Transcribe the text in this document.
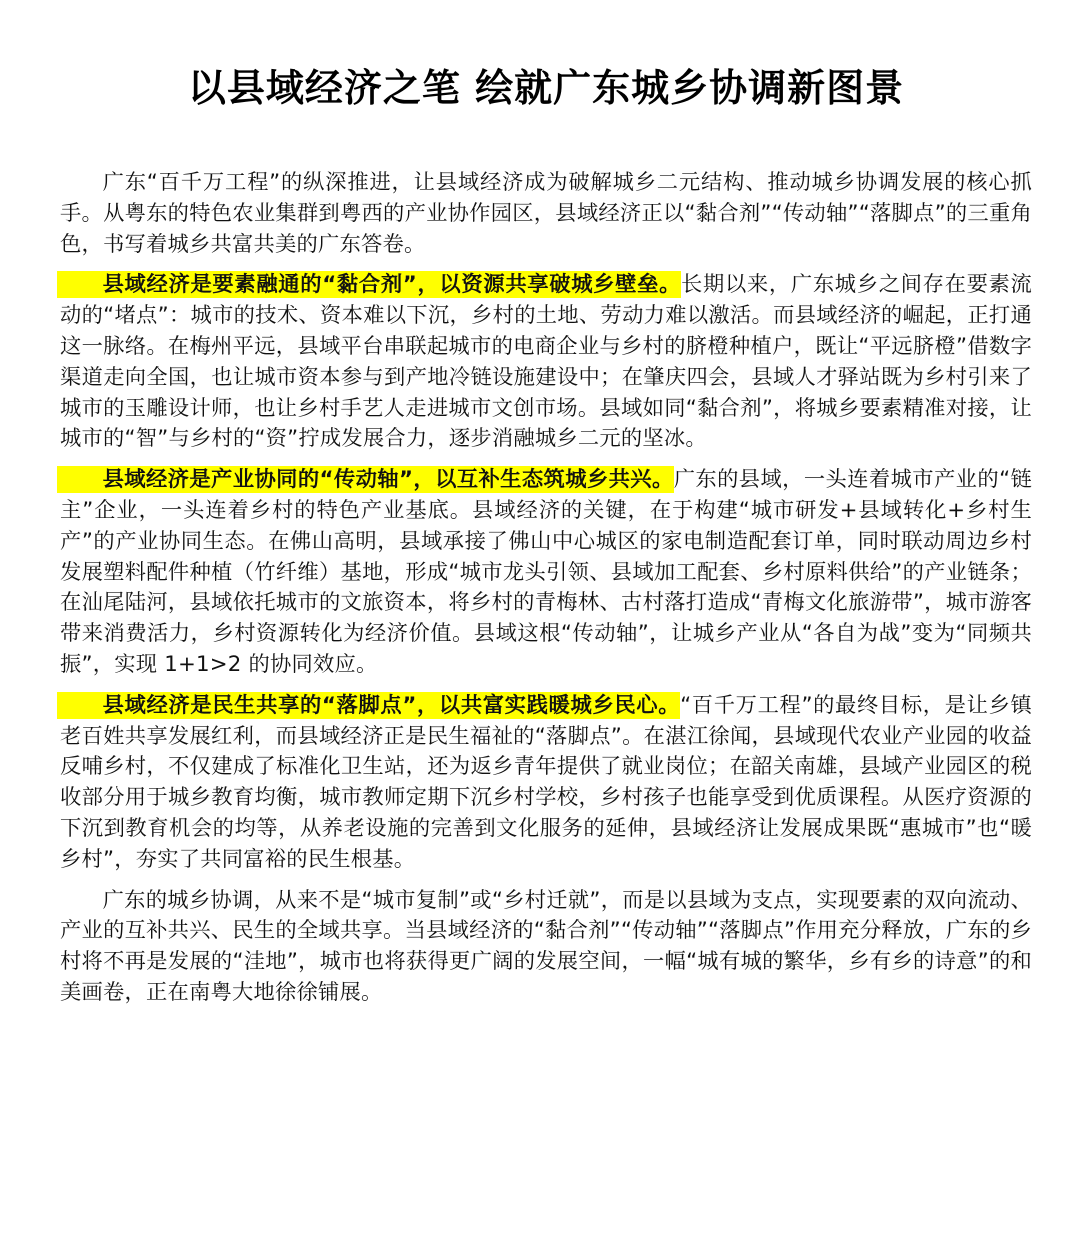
以县域经济之笔 绘就广东城乡协调新图景

广东“百千万工程”的纵深推进，让县域经济成为破解城乡二元结构、推动城乡协调发展的核心抓手。从粤东的特色农业集群到粤西的产业协作园区，县域经济正以“黏合剂”“传动轴”“落脚点”的三重角色，书写着城乡共富共美的广东答卷。

县域经济是要素融通的“黏合剂”，以资源共享破城乡壁垒。长期以来，广东城乡之间存在要素流动的“堵点”：城市的技术、资本难以下沉，乡村的土地、劳动力难以激活。而县域经济的崛起，正打通这一脉络。在梅州平远，县域平台串联起城市的电商企业与乡村的脐橙种植户，既让“平远脐橙”借数字渠道走向全国，也让城市资本参与到产地冷链设施建设中；在肇庆四会，县域人才驿站既为乡村引来了城市的玉雕设计师，也让乡村手艺人走进城市文创市场。县域如同“黏合剂”，将城乡要素精准对接，让城市的“智”与乡村的“资”拧成发展合力，逐步消融城乡二元的坚冰。

县域经济是产业协同的“传动轴”，以互补生态筑城乡共兴。广东的县域，一头连着城市产业的“链主”企业，一头连着乡村的特色产业基底。县域经济的关键，在于构建“城市研发+县域转化+乡村生产”的产业协同生态。在佛山高明，县域承接了佛山中心城区的家电制造配套订单，同时联动周边乡村发展塑料配件种植（竹纤维）基地，形成“城市龙头引领、县域加工配套、乡村原料供给”的产业链条；在汕尾陆河，县域依托城市的文旅资本，将乡村的青梅林、古村落打造成“青梅文化旅游带”，城市游客带来消费活力，乡村资源转化为经济价值。县域这根“传动轴”，让城乡产业从“各自为战”变为“同频共振”，实现 1+1>2 的协同效应。

县域经济是民生共享的“落脚点”，以共富实践暖城乡民心。“百千万工程”的最终目标，是让乡镇老百姓共享发展红利，而县域经济正是民生福祉的“落脚点”。在湛江徐闻，县域现代农业产业园的收益反哺乡村，不仅建成了标准化卫生站，还为返乡青年提供了就业岗位；在韶关南雄，县域产业园区的税收部分用于城乡教育均衡，城市教师定期下沉乡村学校，乡村孩子也能享受到优质课程。从医疗资源的下沉到教育机会的均等，从养老设施的完善到文化服务的延伸，县域经济让发展成果既“惠城市”也“暖乡村”，夯实了共同富裕的民生根基。

广东的城乡协调，从来不是“城市复制”或“乡村迁就”，而是以县域为支点，实现要素的双向流动、产业的互补共兴、民生的全域共享。当县域经济的“黏合剂”“传动轴”“落脚点”作用充分释放，广东的乡村将不再是发展的“洼地”，城市也将获得更广阔的发展空间，一幅“城有城的繁华，乡有乡的诗意”的和美画卷，正在南粤大地徐徐铺展。
